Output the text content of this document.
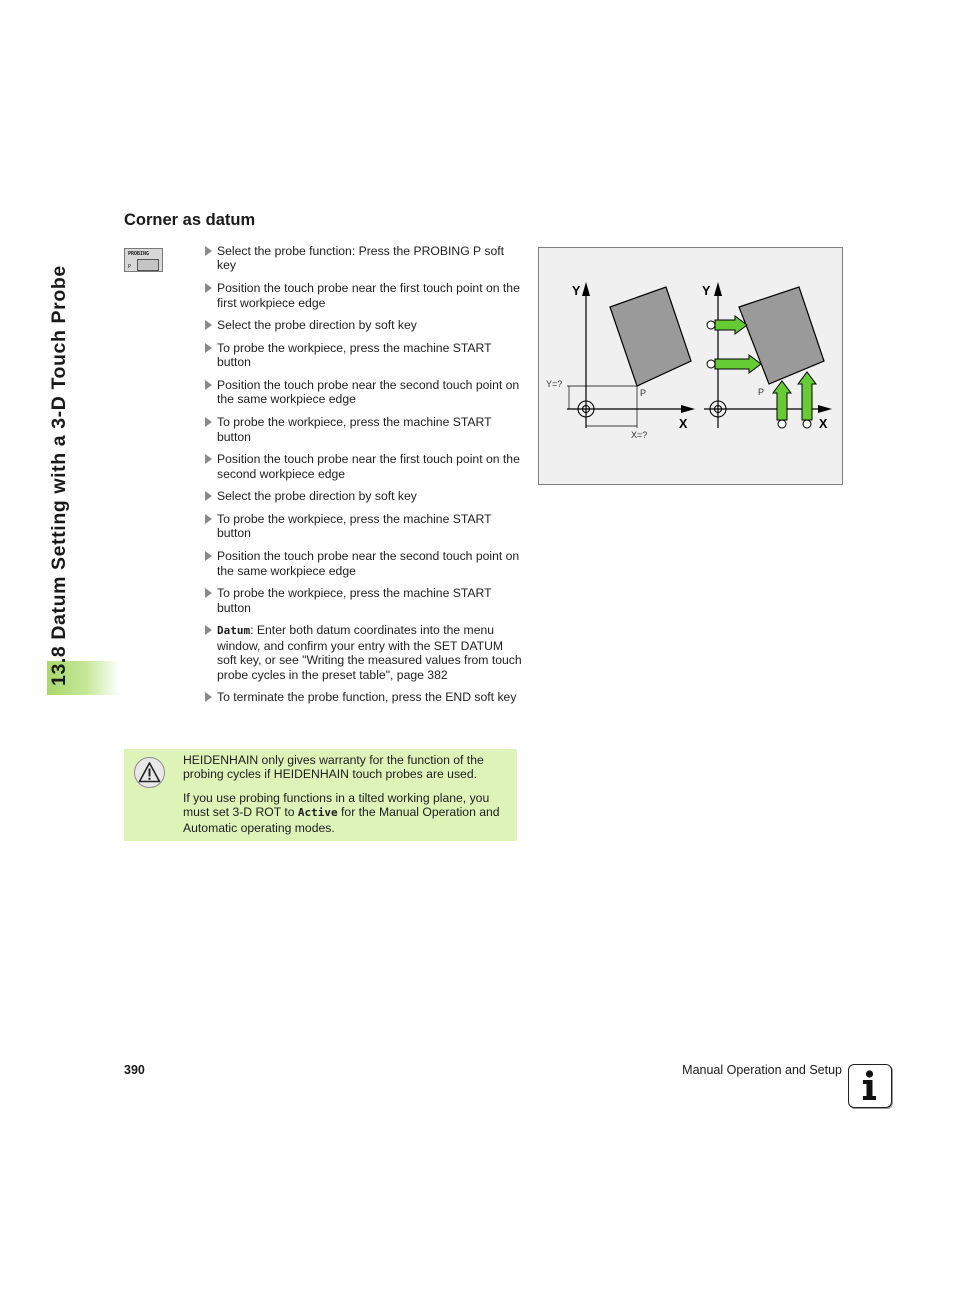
13.8 Datum Setting with a 3-D Touch Probe
Corner as datum
PROBING
P
Select the probe function: Press the PROBING P soft key
Position the touch probe near the first touch point on the first workpiece edge
Select the probe direction by soft key
To probe the workpiece, press the machine START button
Position the touch probe near the second touch point on the same workpiece edge
To probe the workpiece, press the machine START button
Position the touch probe near the first touch point on the second workpiece edge
Select the probe direction by soft key
To probe the workpiece, press the machine START button
Position the touch probe near the second touch point on the same workpiece edge
To probe the workpiece, press the machine START button
Datum: Enter both datum coordinates into the menu window, and confirm your entry with the SET DATUM soft key, or see "Writing the measured values from touch probe cycles in the preset table", page 382
To terminate the probe function, press the END soft key

HEIDENHAIN only gives warranty for the function of the probing cycles if HEIDENHAIN touch probes are used.

If you use probing functions in a tilted working plane, you must set 3-D ROT to Active for the Manual Operation and Automatic operating modes.

Y
X
Y=?
X=?
P
Y
X
P
390	Manual Operation and Setup
